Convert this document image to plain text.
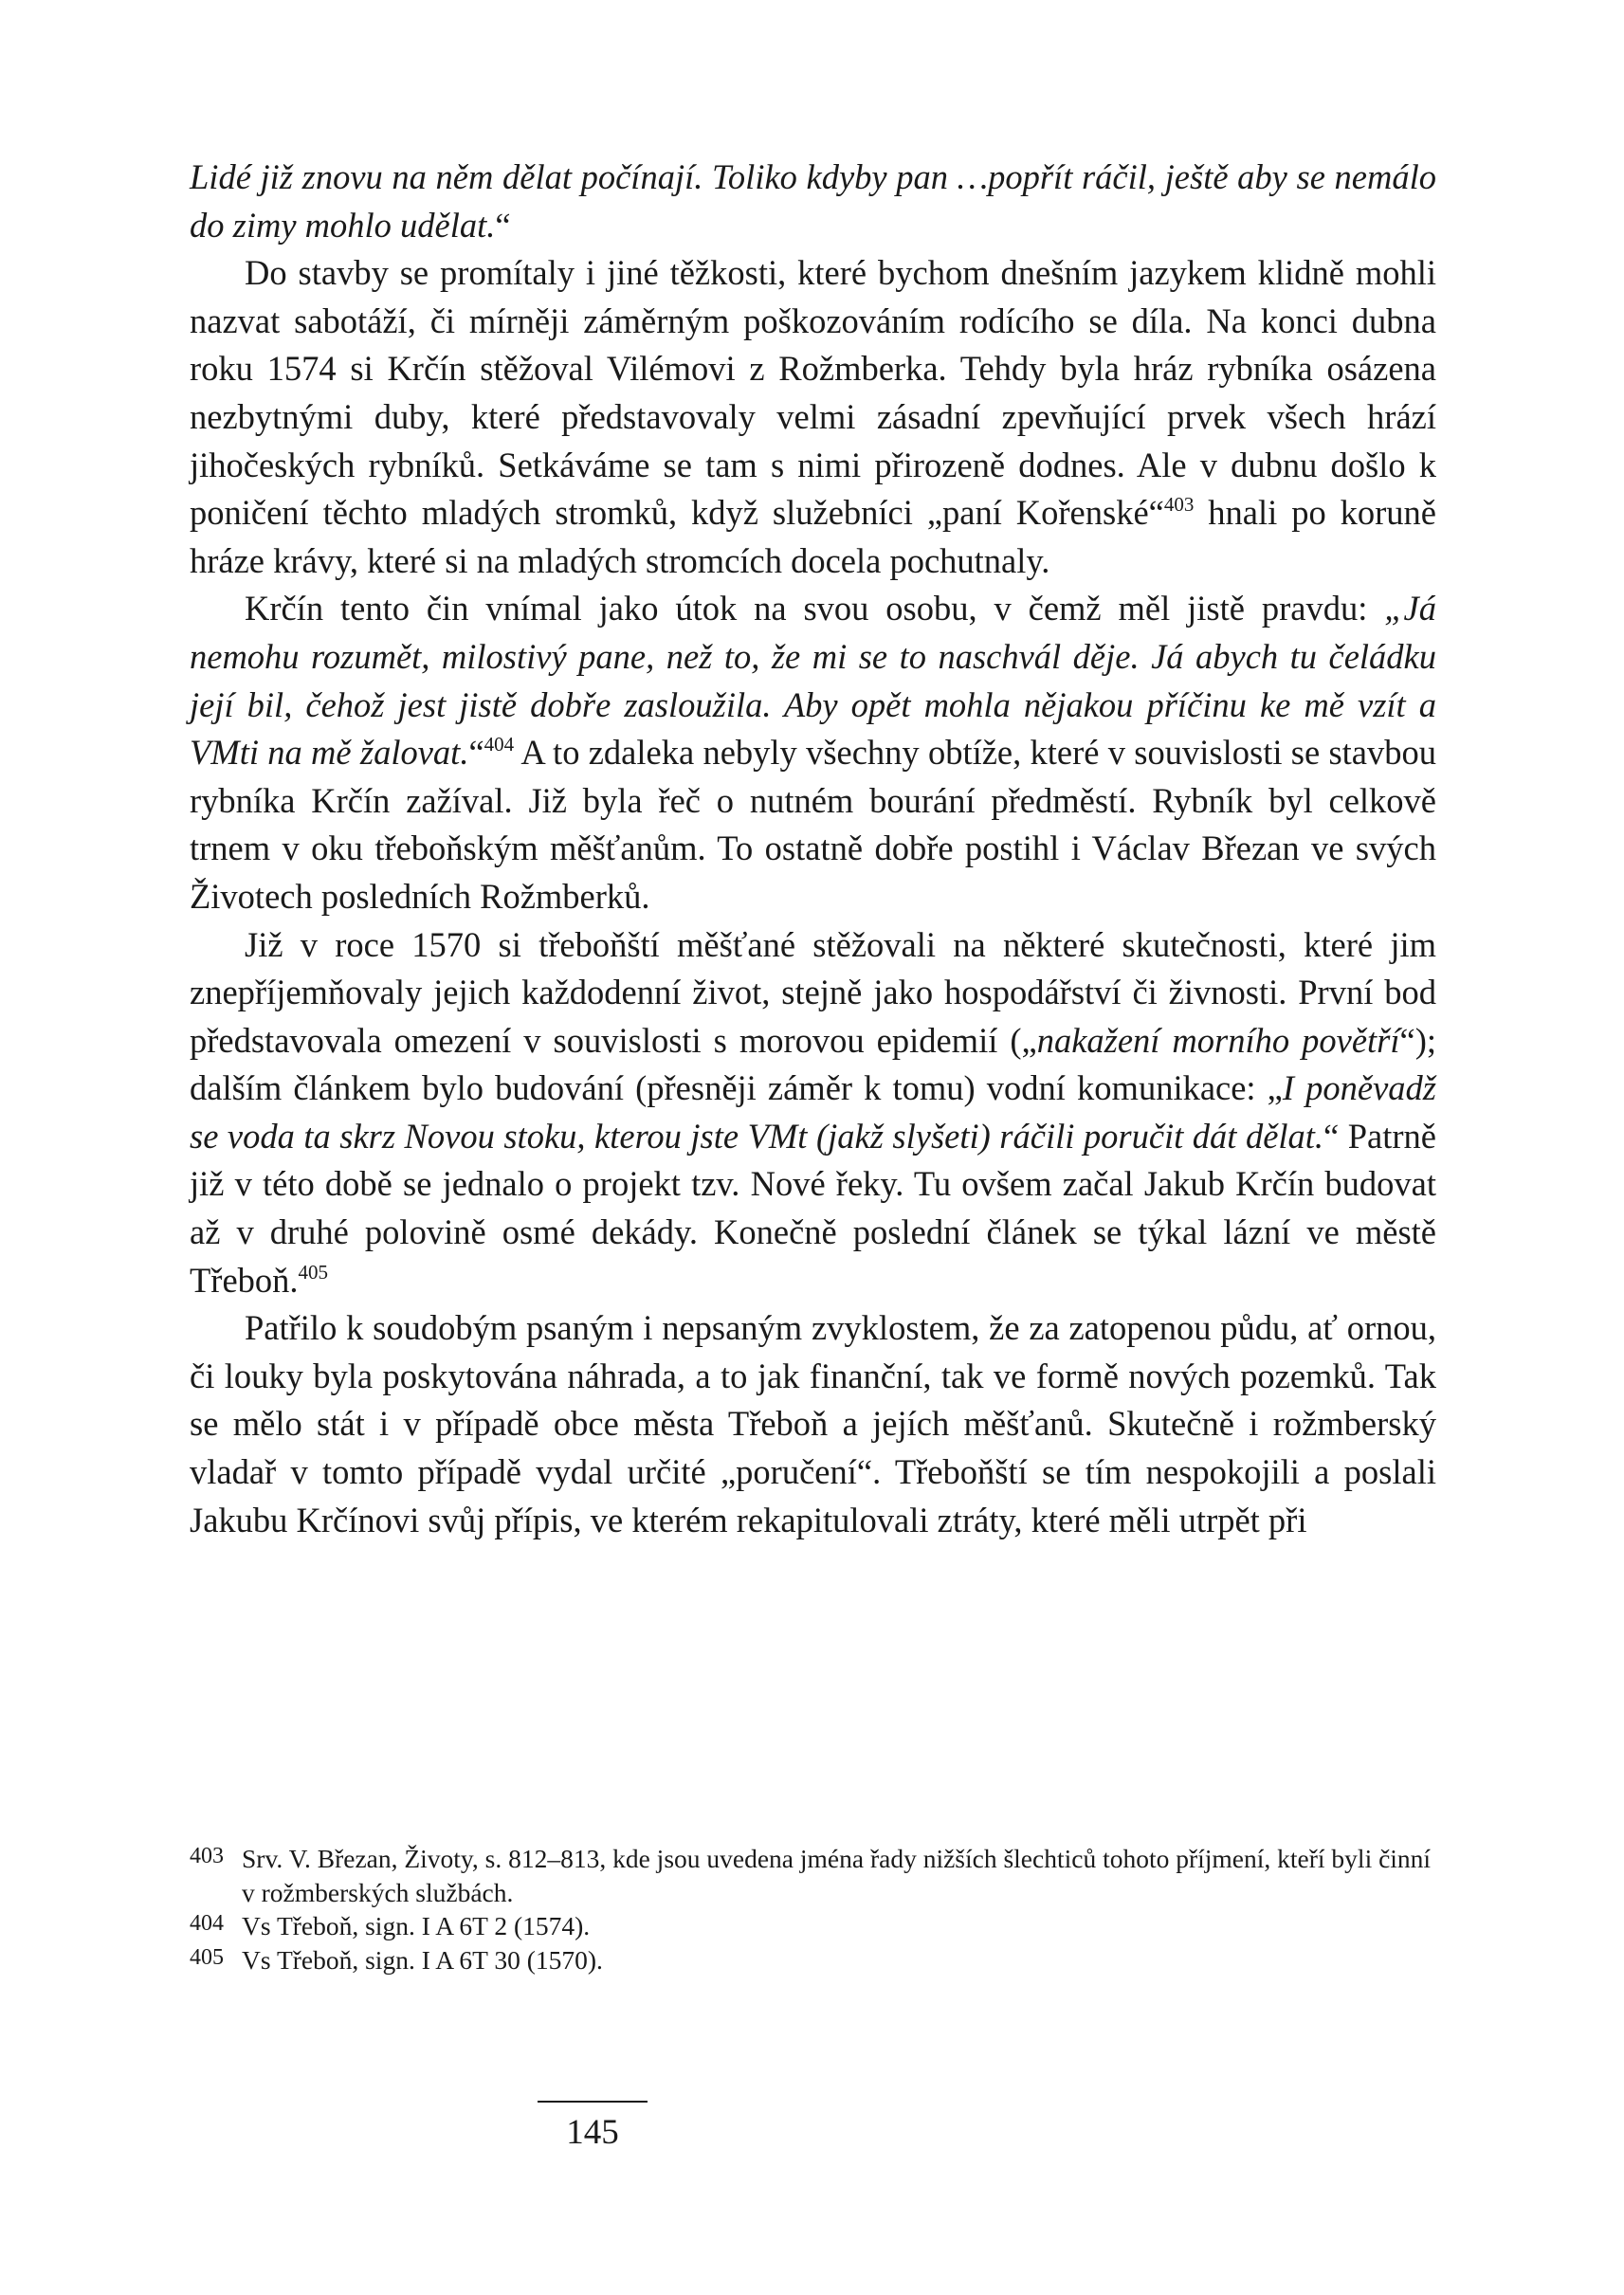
Lidé již znovu na něm dělat počínají. Toliko kdyby pan …popřít ráčil, ještě aby se nemálo do zimy mohlo udělat.“

Do stavby se promítaly i jiné těžkosti, které bychom dnešním jazykem klidně mohli nazvat sabotáží, či mírněji záměrným poškozováním rodícího se díla. Na konci dubna roku 1574 si Krčín stěžoval Vilémovi z Rožmberka. Tehdy byla hráz rybníka osázena nezbytnými duby, které představovaly velmi zásadní zpevňující prvek všech hrází jihočeských rybníků. Setkáváme se tam s nimi přirozeně dodnes. Ale v dubnu došlo k poničení těchto mladých stromků, když služebníci „paní Kořenské“$^{403}$ hnali po koruně hráze krávy, které si na mladých stromcích docela pochutnaly.

Krčín tento čin vnímal jako útok na svou osobu, v čemž měl jistě pravdu: „Já nemohu rozumět, milostivý pane, než to, že mi se to naschvál děje. Já abych tu čeládku její bil, čehož jest jistě dobře zasloužila. Aby opět mohla nějakou příčinu ke mě vzít a VMti na mě žalovat.“$^{404}$ A to zdaleka nebyly všechny obtíže, které v souvislosti se stavbou rybníka Krčín zažíval. Již byla řeč o nutném bourání předměstí. Rybník byl celkově trnem v oku třeboňským měšťanům. To ostatně dobře postihl i Václav Březan ve svých Životech posledních Rožmberků.

Již v roce 1570 si třeboňští měšťané stěžovali na některé skutečnosti, které jim znepříjemňovaly jejich každodenní život, stejně jako hospodářství či živnosti. První bod představovala omezení v souvislosti s morovou epidemií („nakažení morního povětří“); dalším článkem bylo budování (přesněji záměr k tomu) vodní komunikace: „I poněvadž se voda ta skrz Novou stoku, kterou jste VMt (jakž slyšeti) ráčili poručit dát dělat.“ Patrně již v této době se jednalo o projekt tzv. Nové řeky. Tu ovšem začal Jakub Krčín budovat až v druhé polovině osmé dekády. Konečně poslední článek se týkal lázní ve městě Třeboň.$^{405}$

Patřilo k soudobým psaným i nepsaným zvyklostem, že za zatopenou půdu, ať ornou, či louky byla poskytována náhrada, a to jak finanční, tak ve formě nových pozemků. Tak se mělo stát i v případě obce města Třeboň a jejích měšťanů. Skutečně i rožmberský vladař v tomto případě vydal určité „poručení“. Třeboňští se tím nespokojili a poslali Jakubu Krčínovi svůj přípis, ve kterém rekapitulovali ztráty, které měli utrpět při

403 Srv. V. Březan, Životy, s. 812–813, kde jsou uvedena jména řady nižších šlechticů tohoto příjmení, kteří byli činní v rožmberských službách.
404 Vs Třeboň, sign. I A 6T 2 (1574).
405 Vs Třeboň, sign. I A 6T 30 (1570).
145
